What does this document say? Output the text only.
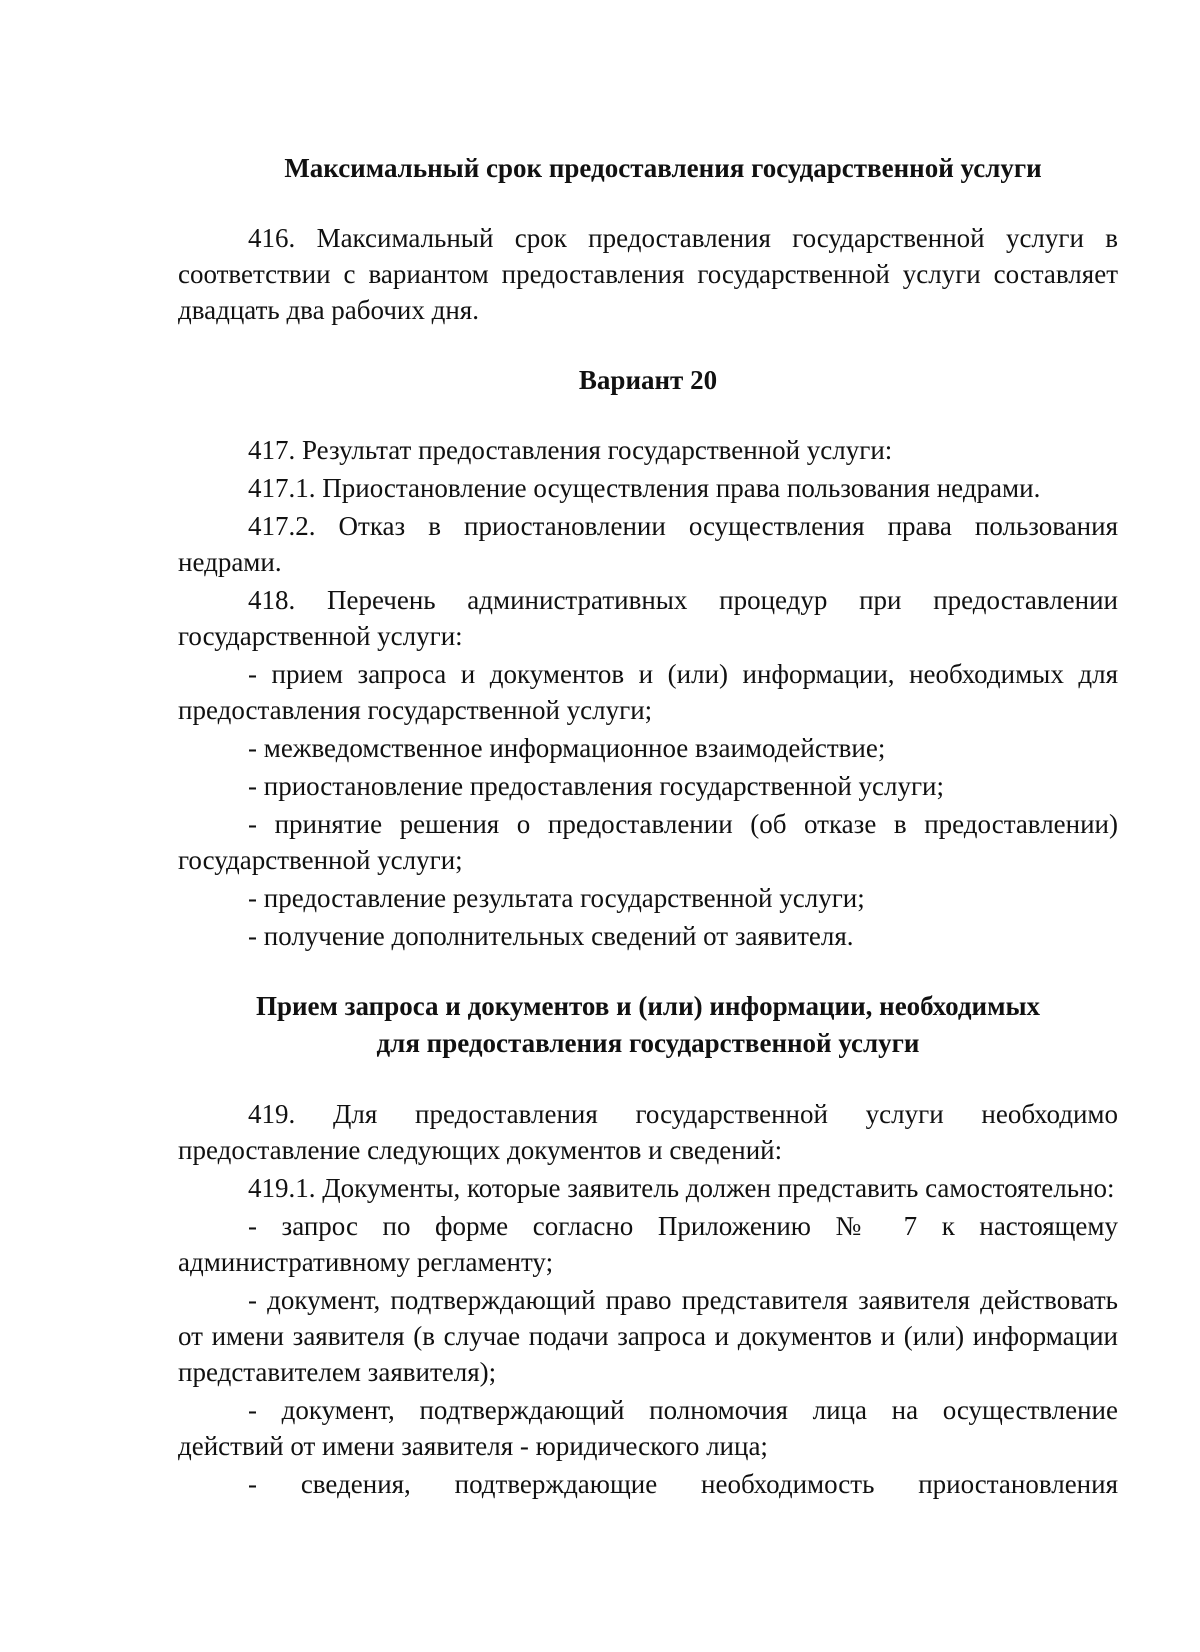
Максимальный срок предоставления государственной услуги

416. Максимальный срок предоставления государственной услуги в соответствии с вариантом предоставления государственной услуги составляет двадцать два рабочих дня.

Вариант 20

417. Результат предоставления государственной услуги:

417.1. Приостановление осуществления права пользования недрами.

417.2. Отказ в приостановлении осуществления права пользования недрами.

418. Перечень административных процедур при предоставлении государственной услуги:

- прием запроса и документов и (или) информации, необходимых для предоставления государственной услуги;

- межведомственное информационное взаимодействие;

- приостановление предоставления государственной услуги;

- принятие решения о предоставлении (об отказе в предоставлении) государственной услуги;

- предоставление результата государственной услуги;

- получение дополнительных сведений от заявителя.

Прием запроса и документов и (или) информации, необходимых
для предоставления государственной услуги

419. Для предоставления государственной услуги необходимо предоставление следующих документов и сведений:

419.1. Документы, которые заявитель должен представить самостоятельно:

- запрос по форме согласно Приложению № 7 к настоящему административному регламенту;

- документ, подтверждающий право представителя заявителя действовать от имени заявителя (в случае подачи запроса и документов и (или) информации представителем заявителя);

- документ, подтверждающий полномочия лица на осуществление действий от имени заявителя - юридического лица;

- сведения, подтверждающие необходимость приостановления
